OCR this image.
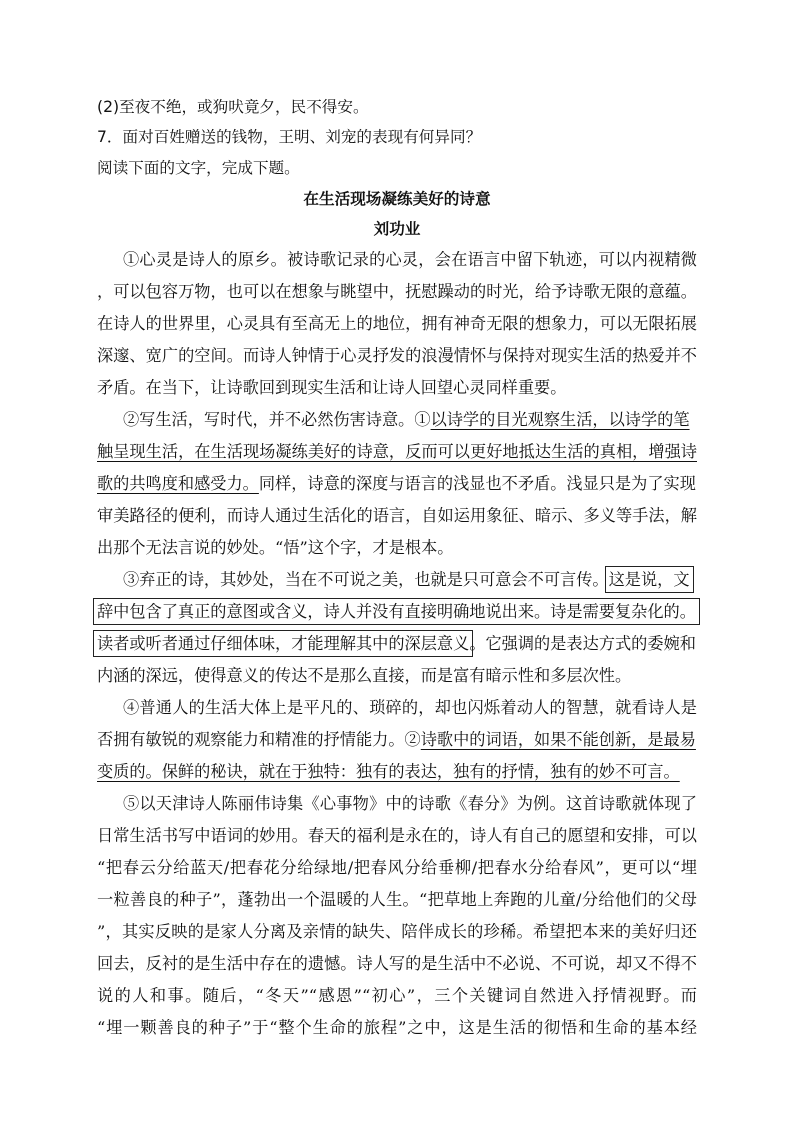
(2)至夜不绝，或狗吠竟夕，民不得安。
7．面对百姓赠送的钱物，王明、刘宠的表现有何异同？
阅读下面的文字，完成下题。
在生活现场凝练美好的诗意
刘功业
①心灵是诗人的原乡。被诗歌记录的心灵，会在语言中留下轨迹，可以内视精微
，可以包容万物，也可以在想象与眺望中，抚慰躁动的时光，给予诗歌无限的意蕴。
在诗人的世界里，心灵具有至高无上的地位，拥有神奇无限的想象力，可以无限拓展
深邃、宽广的空间。而诗人钟情于心灵抒发的浪漫情怀与保持对现实生活的热爱并不
矛盾。在当下，让诗歌回到现实生活和让诗人回望心灵同样重要。
②写生活，写时代，并不必然伤害诗意。①以诗学的目光观察生活，以诗学的笔
触呈现生活，在生活现场凝练美好的诗意，反而可以更好地抵达生活的真相，增强诗
歌的共鸣度和感受力。同样，诗意的深度与语言的浅显也不矛盾。浅显只是为了实现
审美路径的便利，而诗人通过生活化的语言，自如运用象征、暗示、多义等手法，解
出那个无法言说的妙处。“悟”这个字，才是根本。
③弃正的诗，其妙处，当在不可说之美，也就是只可意会不可言传。这是说，文
辞中包含了真正的意图或含义，诗人并没有直接明确地说出来。诗是需要复杂化的。
读者或听者通过仔细体味，才能理解其中的深层意义。它强调的是表达方式的委婉和
内涵的深远，使得意义的传达不是那么直接，而是富有暗示性和多层次性。
④普通人的生活大体上是平凡的、琐碎的，却也闪烁着动人的智慧，就看诗人是
否拥有敏锐的观察能力和精准的抒情能力。②诗歌中的词语，如果不能创新，是最易
变质的。保鲜的秘诀，就在于独特：独有的表达，独有的抒情，独有的妙不可言。
⑤以天津诗人陈丽伟诗集《心事物》中的诗歌《春分》为例。这首诗歌就体现了
日常生活书写中语词的妙用。春天的福利是永在的，诗人有自己的愿望和安排，可以
“把春云分给蓝天/把春花分给绿地/把春风分给垂柳/把春水分给春风”，更可以“埋
一粒善良的种子”，蓬勃出一个温暖的人生。“把草地上奔跑的儿童/分给他们的父母
”，其实反映的是家人分离及亲情的缺失、陪伴成长的珍稀。希望把本来的美好归还
回去，反衬的是生活中存在的遗憾。诗人写的是生活中不必说、不可说，却又不得不
说的人和事。随后，“冬天”“感恩”“初心”，三个关键词自然进入抒情视野。而
“埋一颗善良的种子”于“整个生命的旅程”之中，这是生活的彻悟和生命的基本经
